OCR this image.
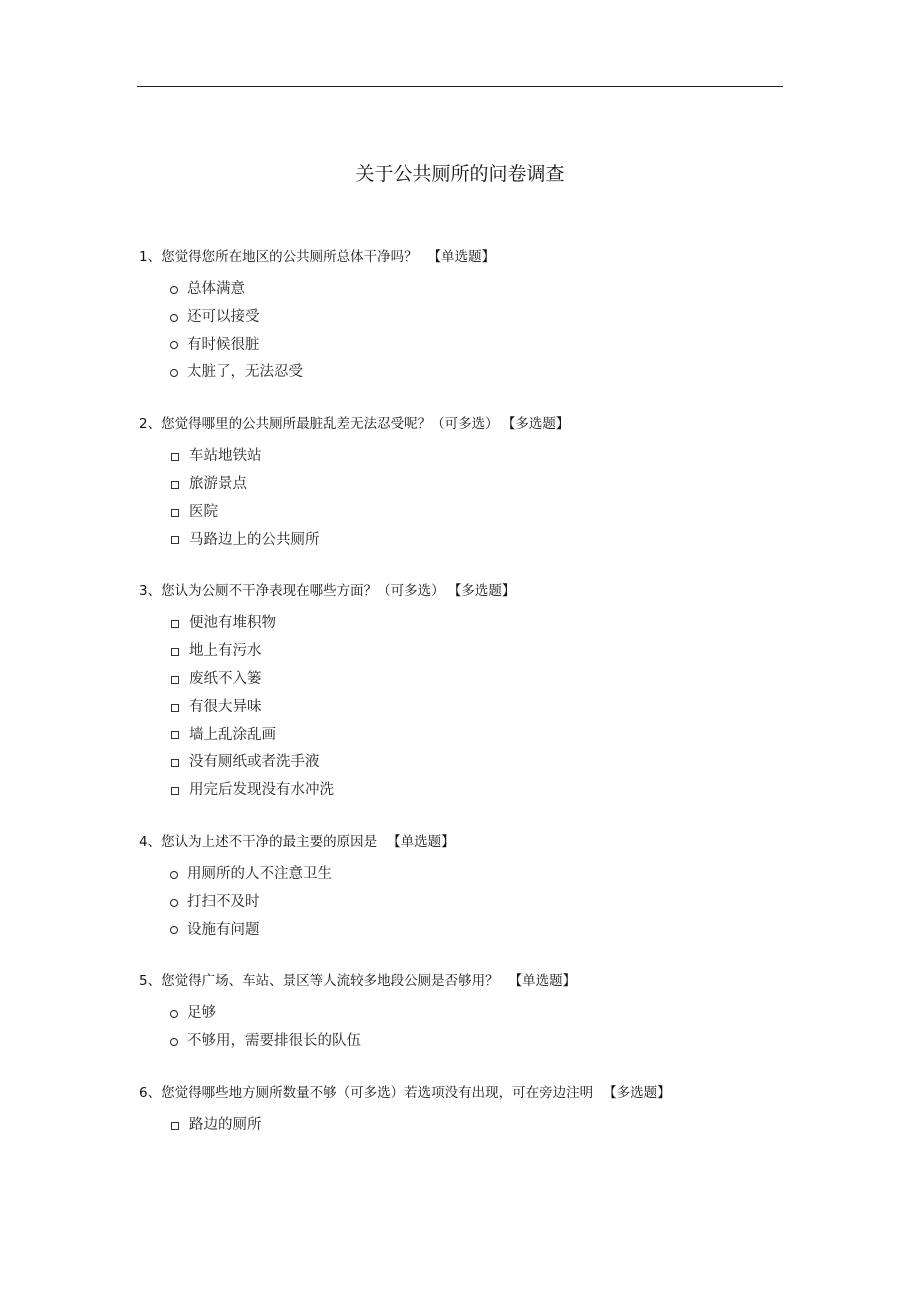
关于公共厕所的问卷调查
1、您觉得您所在地区的公共厕所总体干净吗？ 【单选题】
总体满意
还可以接受
有时候很脏
太脏了，无法忍受
2、您觉得哪里的公共厕所最脏乱差无法忍受呢？（可多选） 【多选题】
车站地铁站
旅游景点
医院
马路边上的公共厕所
3、您认为公厕不干净表现在哪些方面？（可多选） 【多选题】
便池有堆积物
地上有污水
废纸不入篓
有很大异味
墙上乱涂乱画
没有厕纸或者洗手液
用完后发现没有水冲洗
4、您认为上述不干净的最主要的原因是 【单选题】
用厕所的人不注意卫生
打扫不及时
设施有问题
5、您觉得广场、车站、景区等人流较多地段公厕是否够用？ 【单选题】
足够
不够用，需要排很长的队伍
6、您觉得哪些地方厕所数量不够（可多选）若选项没有出现，可在旁边注明 【多选题】
路边的厕所
